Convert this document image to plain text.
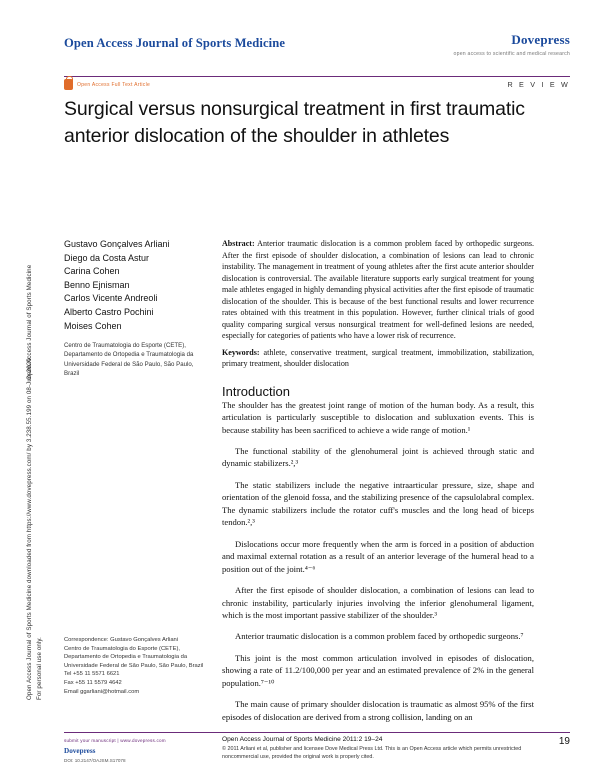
Open Access Journal of Sports Medicine downloaded from https://www.dovepress.com/ by 3.238.55.199 on 08-Jun-2020 For personal use only.
Open Access Journal of Sports Medicine
Open Access Journal of Sports Medicine	Dovepress
open access to scientific and medical research
Open Access Full Text Article	R E V I E W
Surgical versus nonsurgical treatment in first traumatic anterior dislocation of the shoulder in athletes
Gustavo Gonçalves Arliani
Diego da Costa Astur
Carina Cohen
Benno Ejnisman
Carlos Vicente Andreoli
Alberto Castro Pochini
Moises Cohen
Centro de Traumatologia do Esporte (CETE), Departamento de Ortopedia e Traumatologia da Universidade Federal de São Paulo, São Paulo, Brazil
Correspondence: Gustavo Gonçalves Arliani
Centro de Traumatologia do Esporte (CETE), Departamento de Ortopedia e Traumatologia da Universidade Federal de São Paulo, São Paulo, Brazil
Tel +55 11 5571 6621
Fax +55 11 5579 4642
Email ggarliani@hotmail.com
Abstract: Anterior traumatic dislocation is a common problem faced by orthopedic surgeons. After the first episode of shoulder dislocation, a combination of lesions can lead to chronic instability. The management in treatment of young athletes after the first acute anterior shoulder dislocation is controversial. The available literature supports early surgical treatment for young male athletes engaged in highly demanding physical activities after the first episode of traumatic dislocation of the shoulder. This is because of the best functional results and lower recurrence rates obtained with this treatment in this population. However, further clinical trials of good quality comparing surgical versus nonsurgical treatment for well-defined lesions are needed, especially for categories of patients who have a lower risk of recurrence.
Keywords: athlete, conservative treatment, surgical treatment, immobilization, stabilization, primary treatment, shoulder dislocation
Introduction

The shoulder has the greatest joint range of motion of the human body. As a result, this articulation is particularly susceptible to dislocation and subluxation events. This is because stability has been sacrificed to achieve a wide range of motion.¹

The functional stability of the glenohumeral joint is achieved through static and dynamic stabilizers.²,³

The static stabilizers include the negative intraarticular pressure, size, shape and orientation of the glenoid fossa, and the stabilizing presence of the capsulolabral complex. The dynamic stabilizers include the rotator cuff's muscles and the long head of biceps tendon.²,³

Dislocations occur more frequently when the arm is forced in a position of abduction and maximal external rotation as a result of an anterior leverage of the humeral head to a position out of the joint.⁴⁻⁶

After the first episode of shoulder dislocation, a combination of lesions can lead to chronic instability, particularly injuries involving the inferior glenohumeral ligament, which is the most important passive stabilizer of the shoulder.³

Anterior traumatic dislocation is a common problem faced by orthopedic surgeons.⁷

This joint is the most common articulation involved in episodes of dislocation, showing a rate of 11.2/100,000 per year and an estimated prevalence of 2% in the general population.⁷⁻¹⁰

The main cause of primary shoulder dislocation is traumatic as almost 95% of the first episodes of dislocation are derived from a strong collision, landing on an

submit your manuscript | www.dovepress.com
Dovepress
DOI: 10.2147/OAJSM.S17078
Open Access Journal of Sports Medicine 2011:2 19–24
© 2011 Arliani et al, publisher and licensee Dove Medical Press Ltd. This is an Open Access article which permits unrestricted noncommercial use, provided the original work is properly cited.
19
